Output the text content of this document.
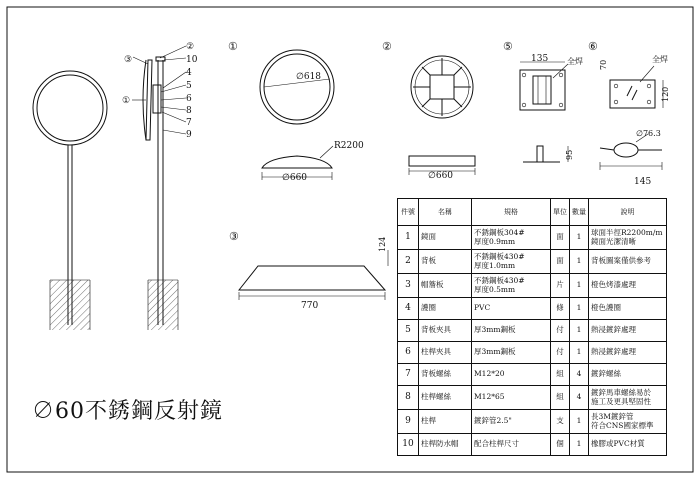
③
②
10
4
5
6
①
8
7
9
①
∅618
R2200
∅660
②
∅660
⑤
135 全焊
95
⑥
全焊
70
120
∅76.3
145
③
770
124
件號	名稱	規格	單位	數量	說明
1	鏡面	不銹鋼板304#
厚度0.9mm	面	1	球面半徑R2200m/m
鏡面光潔清晰
2	背板	不銹鋼板430#
厚度1.0mm	面	1	背板圖案僅供參考
3	帽簷板	不銹鋼板430#
厚度0.5mm	片	1	橙色烤漆處理
4	護圈	PVC	條	1	橙色護圈
5	背板夾具	厚3mm鋼板	付	1	熱浸鍍鋅處理
6	柱桿夾具	厚3mm鋼板	付	1	熱浸鍍鋅處理
7	背板螺絲	M12*20	組	4	鍍鋅螺絲
8	柱桿螺絲	M12*65	組	4	鍍鋅馬車螺絲易於
施工及更具堅固性
9	柱桿	鍍鋅管2.5"	支	1	長3M鍍鋅管
符合CNS國家標準
10	柱桿防水帽	配合柱桿尺寸	個	1	橡膠或PVC材質
∅60不銹鋼反射鏡
